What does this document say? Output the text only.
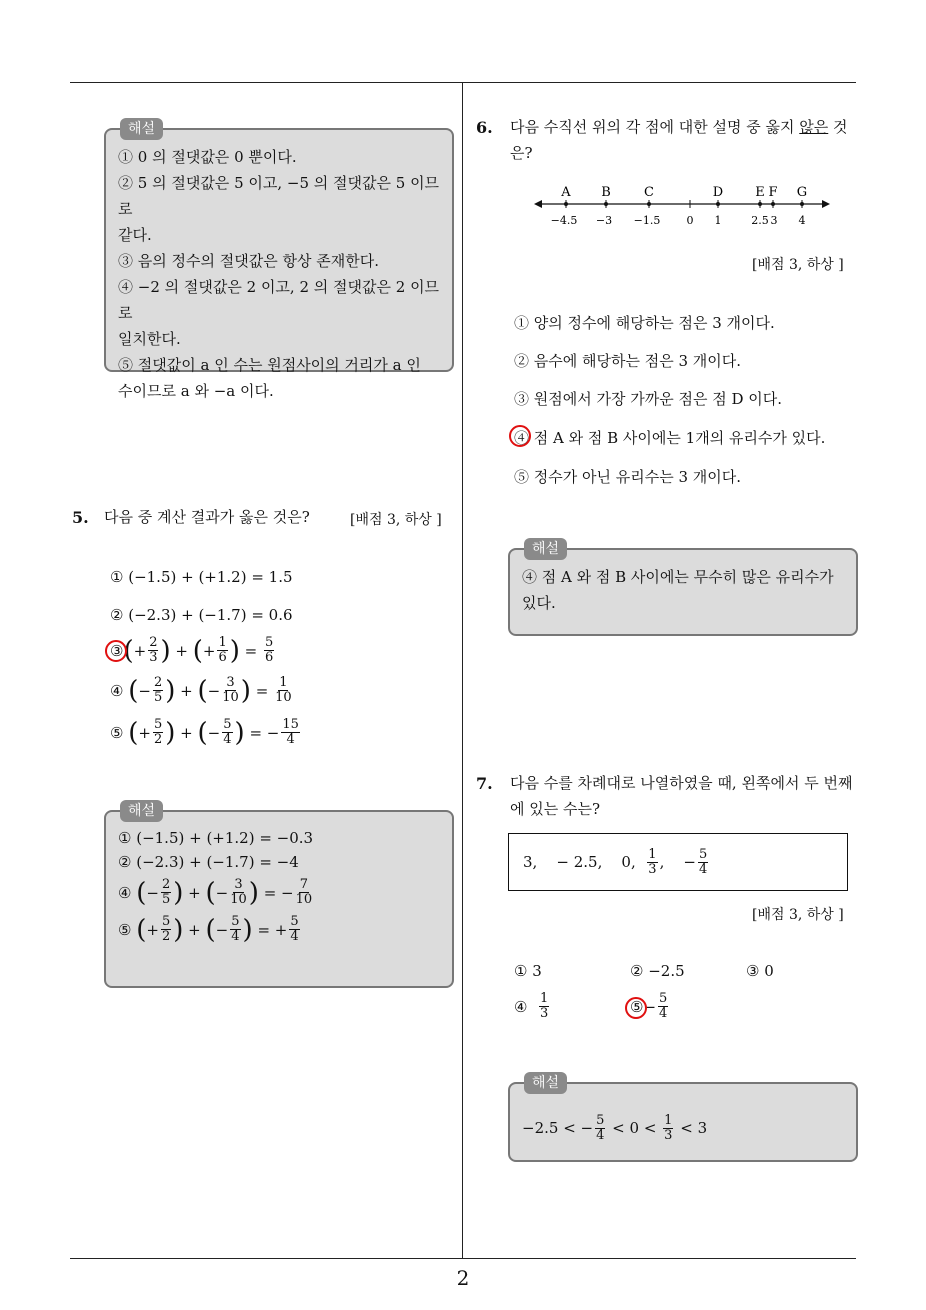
2
해설
① 0 의 절댓값은 0 뿐이다.
② 5 의 절댓값은 5 이고, −5 의 절댓값은 5 이므로
같다.
③ 음의 정수의 절댓값은 항상 존재한다.
④ −2 의 절댓값은 2 이고, 2 의 절댓값은 2 이므로
일치한다.
⑤ 절댓값이 a 인 수는 원점사이의 거리가 a 인
수이므로 a 와 −a 이다.
5. 다음 중 계산 결과가 옳은 것은?	[배점 3, 하상 ]
① (−1.5) + (+1.2) = 1.5
② (−2.3) + (−1.7) = 0.6
③ ( + $\frac{2}{3}$ ) + ( + $\frac{1}{6}$ ) = $\frac{5}{6}$
④
( − $\frac{2}{5}$ ) + ( − $\frac{3}{10}$ ) = $\frac{1}{10}$
⑤
( + $\frac{5}{2}$ ) + ( − $\frac{5}{4}$ ) = − $\frac{15}{4}$
해설
① (−1.5) + (+1.2) = −0.3
② (−2.3) + (−1.7) = −4
④
( − $\frac{2}{5}$ ) + ( − $\frac{3}{10}$ ) = − $\frac{7}{10}$
⑤
( + $\frac{5}{2}$ ) + ( − $\frac{5}{4}$ ) = + $\frac{5}{4}$
6. 다음 수직선 위의 각 점에 대한 설명 중 옳지 않은 것
은?
A B	C	D E F G
−4.5 −3 −1.5 0 1	2.5 3 4
[배점 3, 하상 ]
① 양의 정수에 해당하는 점은 3 개이다.
② 음수에 해당하는 점은 3 개이다.
③ 원점에서 가장 가까운 점은 점 D 이다.
④ 점 A 와 점 B 사이에는 1개의 유리수가 있다.
⑤ 정수가 아닌 유리수는 3 개이다.
해설
④ 점 A 와 점 B 사이에는 무수히 많은 유리수가
있다.
7. 다음 수를 차례대로 나열하였을 때, 왼쪽에서 두 번째
에 있는 수는?
3,    − 2.5,    0,
$\frac{1}{3}$ ,
− $\frac{5}{4}$
[배점 3, 하상 ]
① 3	② −2.5	③ 0
④
$\frac{1}{3}$	⑤ − $\frac{5}{4}$
해설
−2.5 < − $\frac{5}{4}$
< 0 <
$\frac{1}{3}$
< 3
